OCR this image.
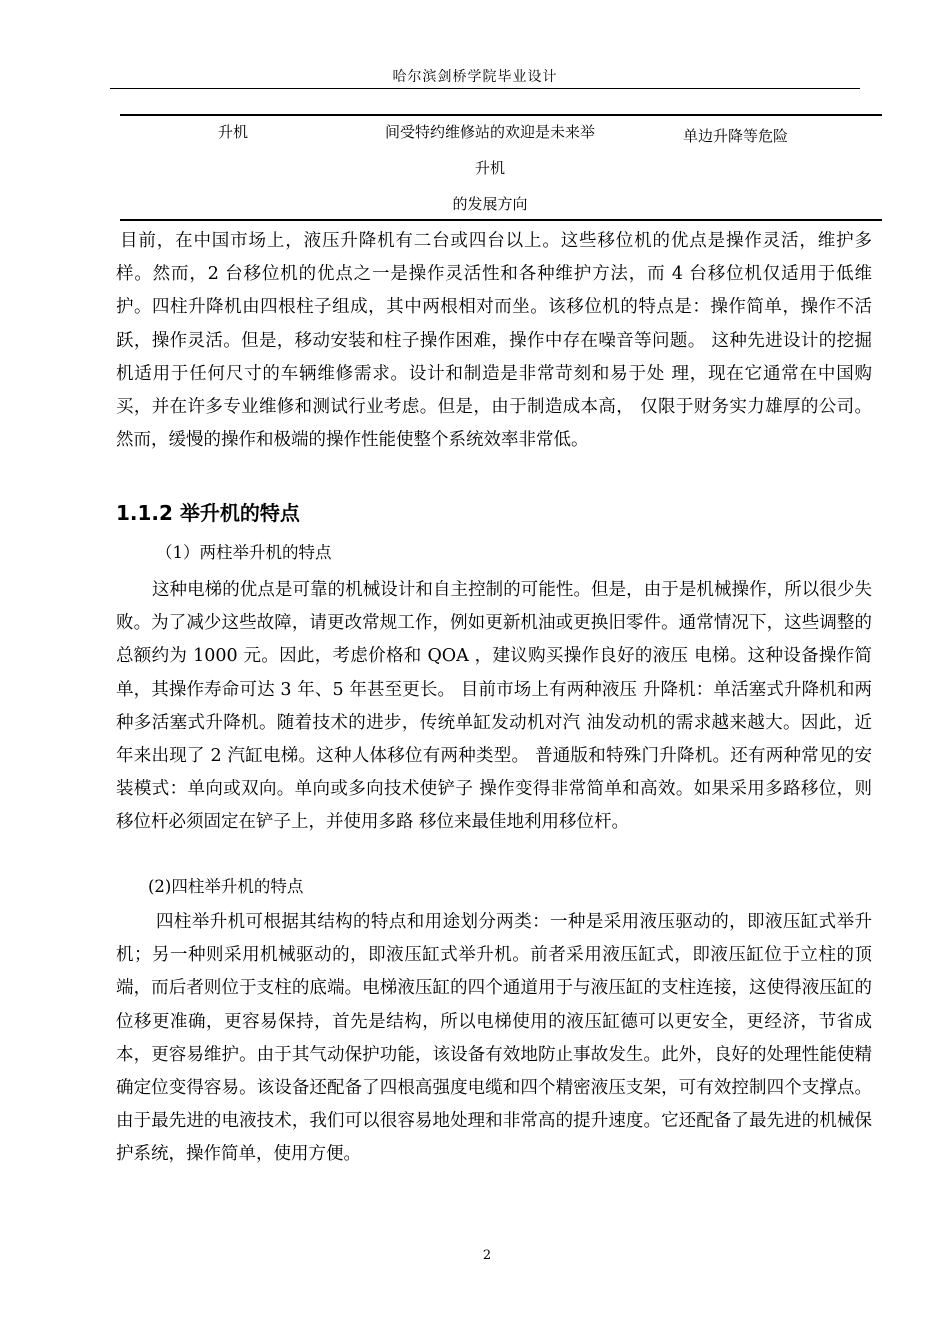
哈尔滨剑桥学院毕业设计
升机	间受特约维修站的欢迎是未来举
升机
的发展方向
单边升降等危险

目前，在中国市场上，液压升降机有二台或四台以上。这些移位机的优点是操作灵活，维护多样。然而，2 台移位机的优点之一是操作灵活性和各种维护方法，而 4 台移位机仅适用于低维护。四柱升降机由四根柱子组成，其中两根相对而坐。该移位机的特点是：操作简单，操作不活跃，操作灵活。但是，移动安装和柱子操作困难，操作中存在噪音等问题。 这种先进设计的挖掘机适用于任何尺寸的车辆维修需求。设计和制造是非常苛刻和易于处 理，现在它通常在中国购买，并在许多专业维修和测试行业考虑。但是，由于制造成本高， 仅限于财务实力雄厚的公司。然而，缓慢的操作和极端的操作性能使整个系统效率非常低。

1.1.2 举升机的特点
（1）两柱举升机的特点

这种电梯的优点是可靠的机械设计和自主控制的可能性。但是，由于是机械操作，所以很少失败。为了减少这些故障，请更改常规工作，例如更新机油或更换旧零件。通常情况下，这些调整的总额约为 1000 元。因此，考虑价格和 QOA ，建议购买操作良好的液压 电梯。这种设备操作简单，其操作寿命可达 3 年、5 年甚至更长。 目前市场上有两种液压 升降机：单活塞式升降机和两种多活塞式升降机。随着技术的进步，传统单缸发动机对汽 油发动机的需求越来越大。因此，近年来出现了 2 汽缸电梯。这种人体移位有两种类型。 普通版和特殊门升降机。还有两种常见的安装模式：单向或双向。单向或多向技术使铲子 操作变得非常简单和高效。如果采用多路移位，则移位杆必须固定在铲子上，并使用多路 移位来最佳地利用移位杆。

(2)四柱举升机的特点

四柱举升机可根据其结构的特点和用途划分两类：一种是采用液压驱动的，即液压缸式举升机；另一种则采用机械驱动的，即液压缸式举升机。前者采用液压缸式，即液压缸位于立柱的顶端，而后者则位于支柱的底端。电梯液压缸的四个通道用于与液压缸的支柱连接，这使得液压缸的位移更准确，更容易保持，首先是结构，所以电梯使用的液压缸德可以更安全，更经济，节省成本，更容易维护。由于其气动保护功能，该设备有效地防止事故发生。此外，良好的处理性能使精确定位变得容易。该设备还配备了四根高强度电缆和四个精密液压支架，可有效控制四个支撑点。由于最先进的电液技术，我们可以很容易地处理和非常高的提升速度。它还配备了最先进的机械保护系统，操作简单，使用方便。

2
